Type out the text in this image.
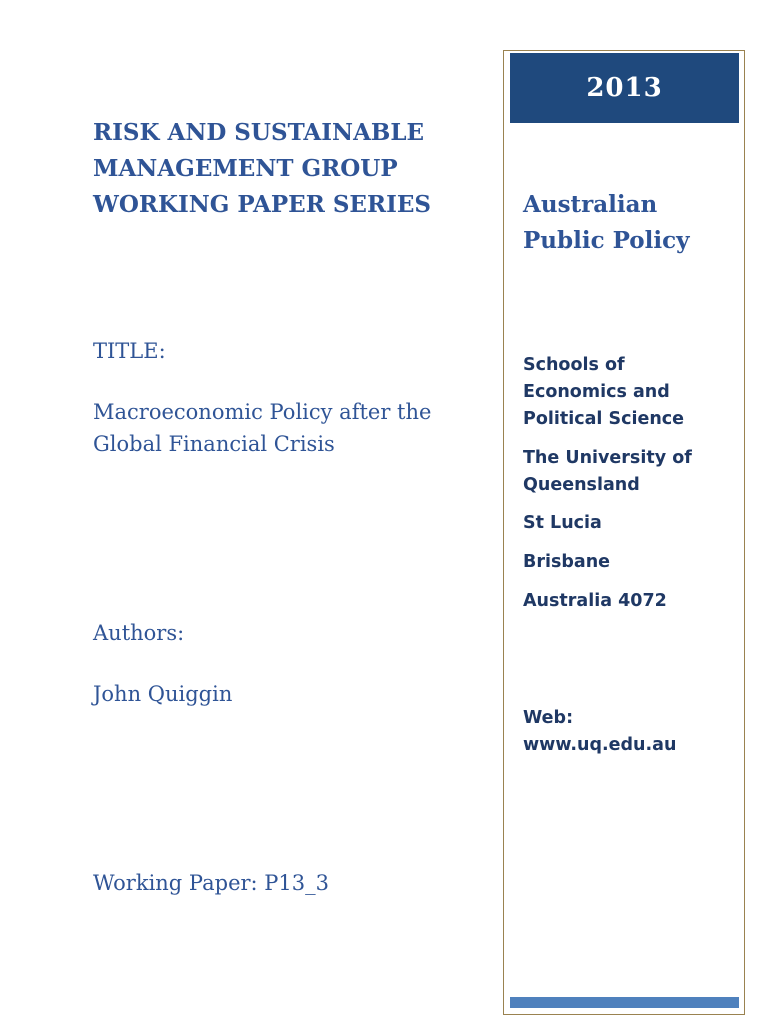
RISK AND SUSTAINABLE
MANAGEMENT GROUP
WORKING PAPER SERIES

TITLE:

Macroeconomic Policy after the
Global Financial Crisis

Authors:

John Quiggin

Working Paper: P13_3

2013
Australian
Public Policy

Schools of
Economics and
Political Science

The University of
Queensland

St Lucia

Brisbane

Australia 4072

Web:
www.uq.edu.au
